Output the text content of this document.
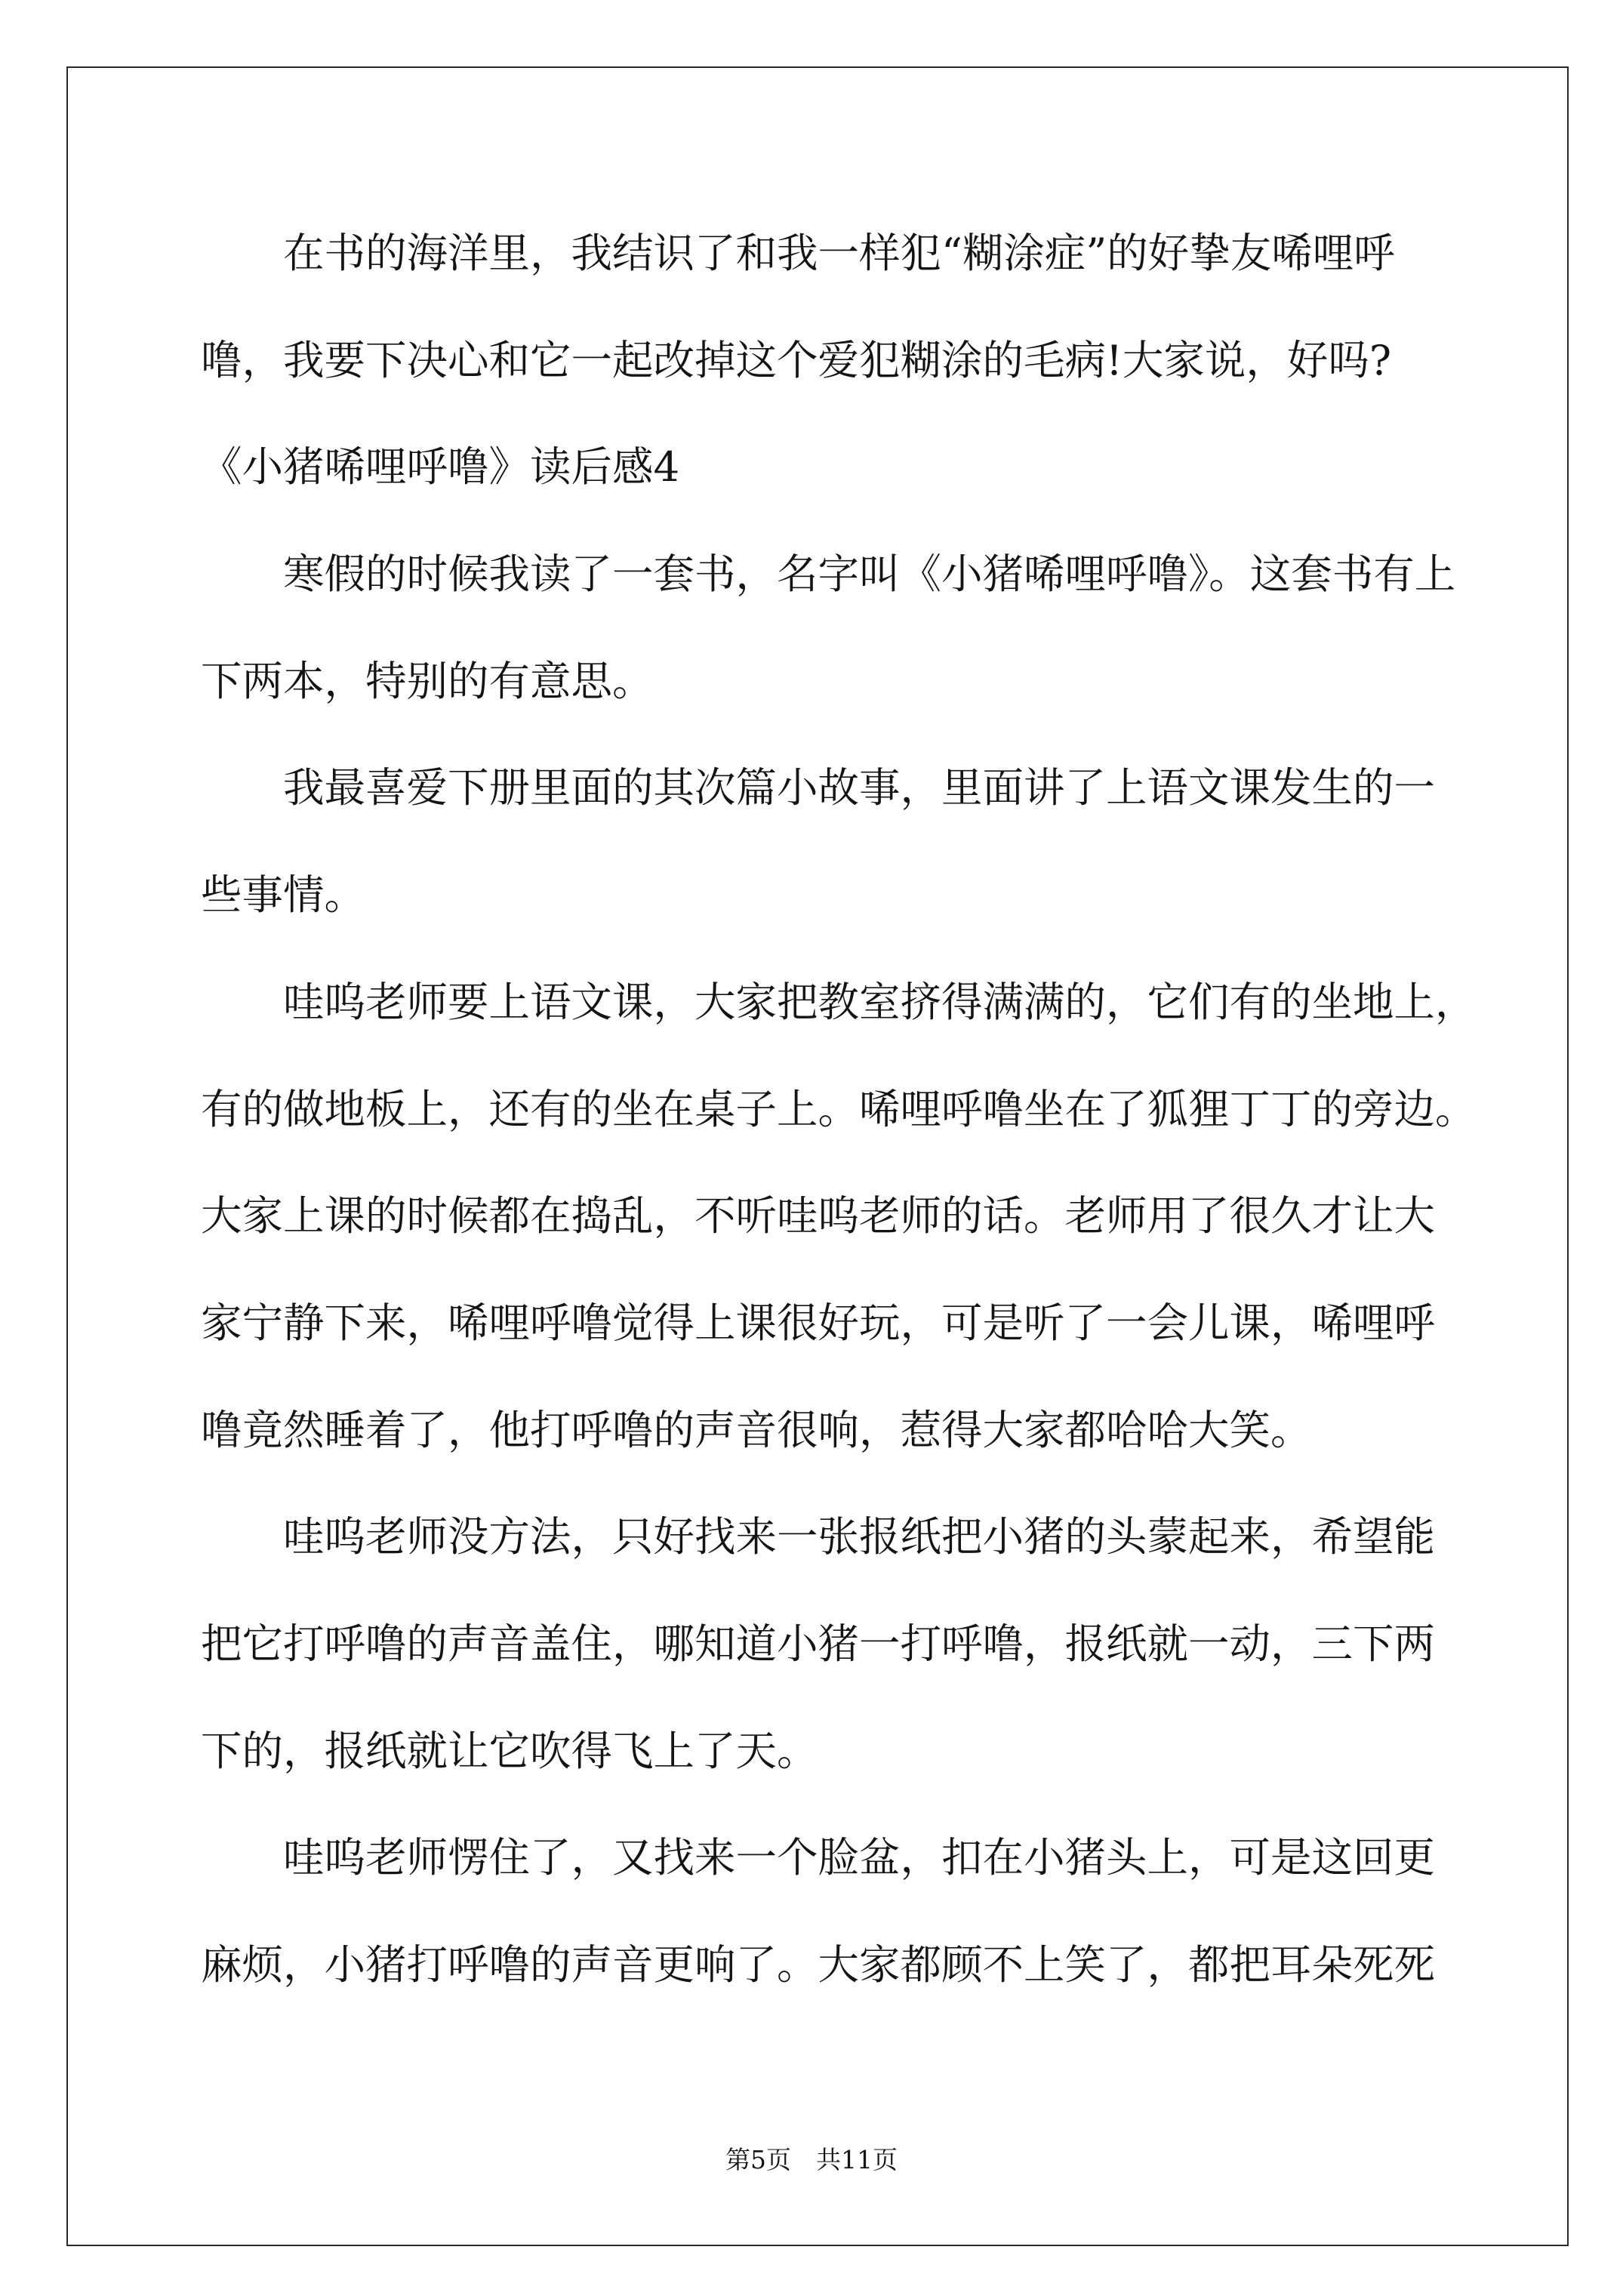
在书的海洋里，我结识了和我一样犯“糊涂症”的好挚友唏哩呼
噜，我要下决心和它一起改掉这个爱犯糊涂的毛病!大家说，好吗?
《小猪唏哩呼噜》读后感4
寒假的时候我读了一套书，名字叫《小猪唏哩呼噜》。这套书有上
下两本，特别的有意思。
我最喜爱下册里面的其次篇小故事，里面讲了上语文课发生的一
些事情。
哇呜老师要上语文课，大家把教室挤得满满的，它们有的坐地上，
有的做地板上，还有的坐在桌子上。唏哩呼噜坐在了狐狸丁丁的旁边。
大家上课的时候都在捣乱，不听哇呜老师的话。老师用了很久才让大
家宁静下来，唏哩呼噜觉得上课很好玩，可是听了一会儿课，唏哩呼
噜竟然睡着了，他打呼噜的声音很响，惹得大家都哈哈大笑。
哇呜老师没方法，只好找来一张报纸把小猪的头蒙起来，希望能
把它打呼噜的声音盖住，哪知道小猪一打呼噜，报纸就一动，三下两
下的，报纸就让它吹得飞上了天。
哇呜老师愣住了，又找来一个脸盆，扣在小猪头上，可是这回更
麻烦，小猪打呼噜的声音更响了。大家都顾不上笑了，都把耳朵死死
第5页　共11页
